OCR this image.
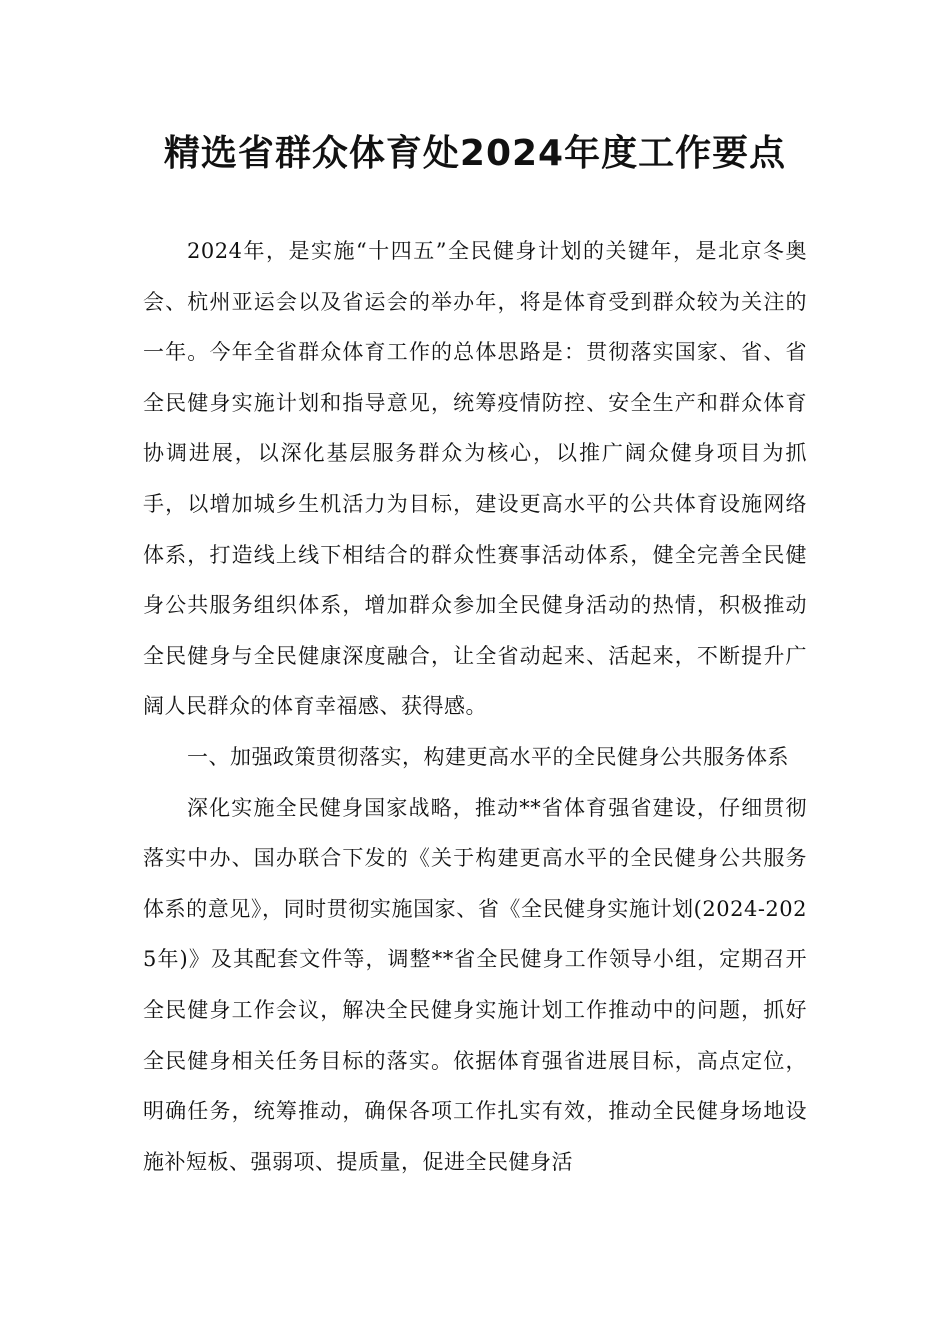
精选省群众体育处2024年度工作要点

2024年，是实施“十四五”全民健身计划的关键年，是北京冬奥会、杭州亚运会以及省运会的举办年，将是体育受到群众较为关注的一年。今年全省群众体育工作的总体思路是：贯彻落实国家、省、省全民健身实施计划和指导意见，统筹疫情防控、安全生产和群众体育协调进展，以深化基层服务群众为核心，以推广阔众健身项目为抓手，以增加城乡生机活力为目标，建设更高水平的公共体育设施网络体系，打造线上线下相结合的群众性赛事活动体系，健全完善全民健身公共服务组织体系，增加群众参加全民健身活动的热情，积极推动全民健身与全民健康深度融合，让全省动起来、活起来，不断提升广阔人民群众的体育幸福感、获得感。

一、加强政策贯彻落实，构建更高水平的全民健身公共服务体系

深化实施全民健身国家战略，推动**省体育强省建设，仔细贯彻落实中办、国办联合下发的《关于构建更高水平的全民健身公共服务体系的意见》，同时贯彻实施国家、省《全民健身实施计划(2024-2025年)》及其配套文件等，调整**省全民健身工作领导小组，定期召开全民健身工作会议，解决全民健身实施计划工作推动中的问题，抓好全民健身相关任务目标的落实。依据体育强省进展目标，高点定位，明确任务，统筹推动，确保各项工作扎实有效，推动全民健身场地设施补短板、强弱项、提质量，促进全民健身活
